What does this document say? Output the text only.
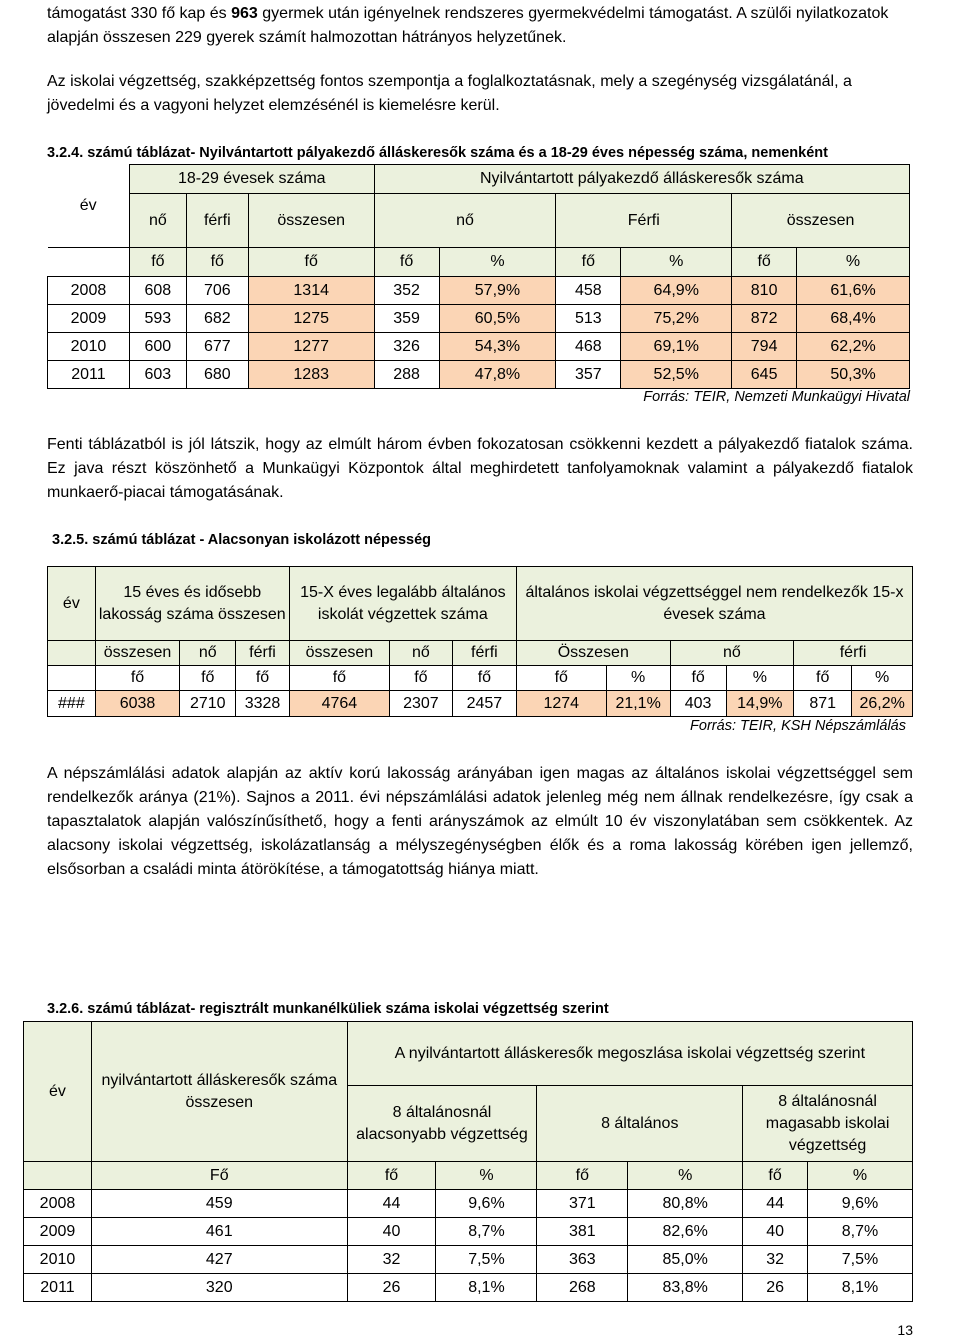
támogatást 330 fő kap és 963 gyermek után igényelnek rendszeres gyermekvédelmi támogatást. A szülői nyilatkozatok alapján összesen 229 gyerek számít halmozottan hátrányos helyzetűnek.

Az iskolai végzettség, szakképzettség fontos szempontja a foglalkoztatásnak, mely a szegénység vizsgálatánál, a jövedelmi és a vagyoni helyzet elemzésénél is kiemelésre kerül.

3.2.4. számú táblázat- Nyilvántartott pályakezdő álláskeresők száma és a 18-29 éves népesség száma, nemenként

év	18-29 évesek száma			Nyilvántartott pályakezdő álláskeresők száma					
	nő	férfi	összesen	nő		Férfi		összesen	
	fő	fő	fő	fő	%	fő	%	fő	%
2008	608	706	1314	352	57,9%	458	64,9%	810	61,6%
2009	593	682	1275	359	60,5%	513	75,2%	872	68,4%
2010	600	677	1277	326	54,3%	468	69,1%	794	62,2%
2011	603	680	1283	288	47,8%	357	52,5%	645	50,3%

Forrás: TEIR, Nemzeti Munkaügyi Hivatal

Fenti táblázatból is jól látszik, hogy az elmúlt három évben fokozatosan csökkenni kezdett a pályakezdő fiatalok száma. Ez java részt köszönhető a Munkaügyi Központok által meghirdetett tanfolyamoknak valamint a pályakezdő fiatalok munkaerő-piacai támogatásának.

3.2.5. számú táblázat - Alacsonyan iskolázott népesség

év	15 éves és idősebb lakosság száma összesen			15-X éves legalább általános iskolát végzettek száma			általános iskolai végzettséggel nem rendelkezők 15-x évesek száma					
	összesen	nő	férfi	összesen	nő	férfi	Összesen		nő		férfi	
	fő	fő	fő	fő	fő	fő	fő	%	fő	%	fő	%
###	6038	2710	3328	4764	2307	2457	1274	21,1%	403	14,9%	871	26,2%

Forrás: TEIR, KSH Népszámlálás

A népszámlálási adatok alapján az aktív korú lakosság arányában igen magas az általános iskolai végzettséggel sem rendelkezők aránya (21%). Sajnos a 2011. évi népszámlálási adatok jelenleg még nem állnak rendelkezésre, így csak a tapasztalatok alapján valószínűsíthető, hogy a fenti arányszámok az elmúlt 10 év viszonylatában sem csökkentek. Az alacsony iskolai végzettség, iskolázatlanság a mélyszegénységben élők és a roma lakosság körében igen jellemző, elsősorban a családi minta átörökítése, a támogatottság hiánya miatt.

3.2.6. számú táblázat- regisztrált munkanélküliek száma iskolai végzettség szerint

év	nyilvántartott álláskeresők száma összesen	A nyilvántartott álláskeresők megoszlása iskolai végzettség szerint					
		8 általánosnál alacsonyabb végzettség		8 általános		8 általánosnál magasabb iskolai végzettség	
	Fő	fő	%	fő	%	fő	%
2008	459	44	9,6%	371	80,8%	44	9,6%
2009	461	40	8,7%	381	82,6%	40	8,7%
2010	427	32	7,5%	363	85,0%	32	7,5%
2011	320	26	8,1%	268	83,8%	26	8,1%

13
